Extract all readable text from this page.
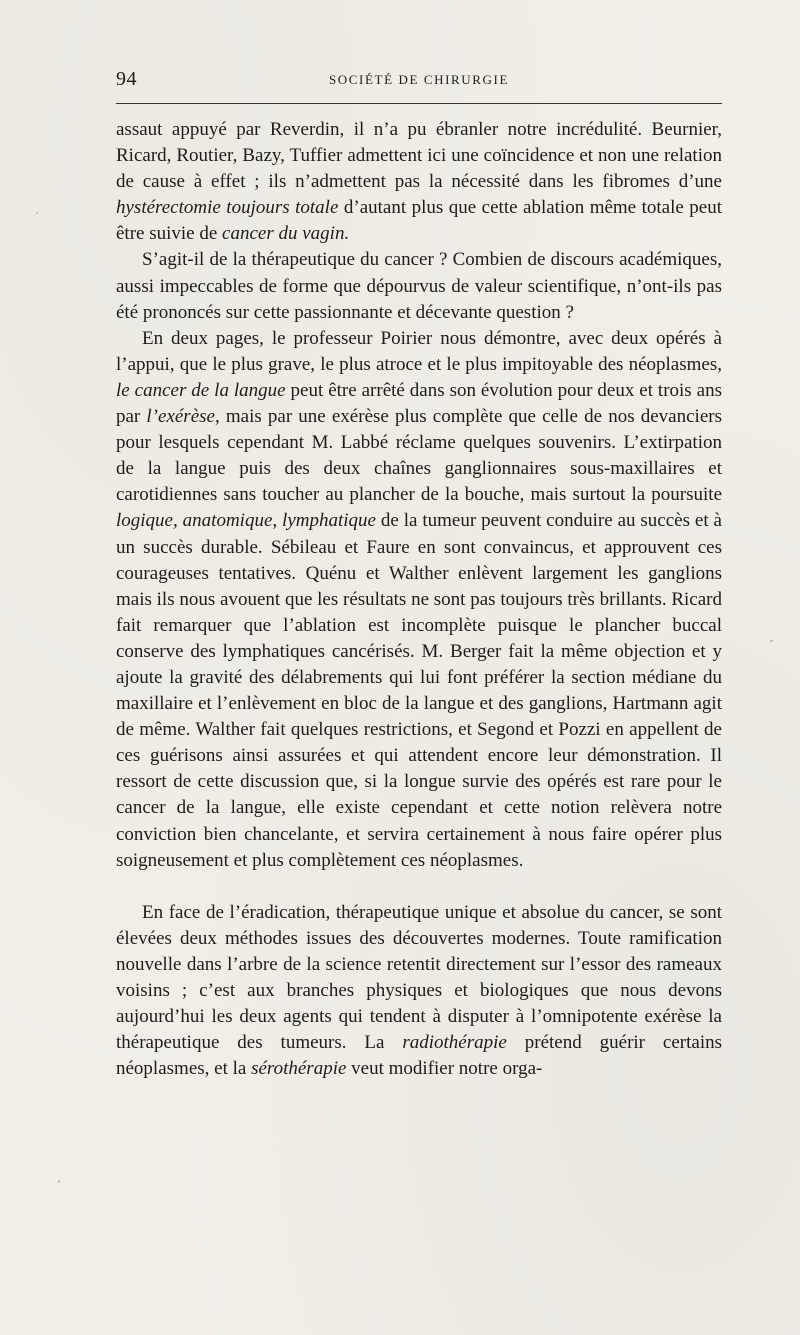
94	SOCIÉTÉ DE CHIRURGIE

assaut appuyé par Reverdin, il n’a pu ébranler notre incrédulité. Beurnier, Ricard, Routier, Bazy, Tuffier admettent ici une coïncidence et non une relation de cause à effet ; ils n’admettent pas la nécessité dans les fibromes d’une hystérectomie toujours totale d’autant plus que cette ablation même totale peut être suivie de cancer du vagin.

S’agit-il de la thérapeutique du cancer ? Combien de discours académiques, aussi impeccables de forme que dépourvus de valeur scientifique, n’ont-ils pas été prononcés sur cette passionnante et décevante question ?

En deux pages, le professeur Poirier nous démontre, avec deux opérés à l’appui, que le plus grave, le plus atroce et le plus impitoyable des néoplasmes, le cancer de la langue peut être arrêté dans son évolution pour deux et trois ans par l’exérèse, mais par une exérèse plus complète que celle de nos devanciers pour lesquels cependant M. Labbé réclame quelques souvenirs. L’extirpation de la langue puis des deux chaînes ganglionnaires sous-maxillaires et carotidiennes sans toucher au plancher de la bouche, mais surtout la poursuite logique, anatomique, lymphatique de la tumeur peuvent conduire au succès et à un succès durable. Sébileau et Faure en sont convaincus, et approuvent ces courageuses tentatives. Quénu et Walther enlèvent largement les ganglions mais ils nous avouent que les résultats ne sont pas toujours très brillants. Ricard fait remarquer que l’ablation est incomplète puisque le plancher buccal conserve des lymphatiques cancérisés. M. Berger fait la même objection et y ajoute la gravité des délabrements qui lui font préférer la section médiane du maxillaire et l’enlèvement en bloc de la langue et des ganglions, Hartmann agit de même. Walther fait quelques restrictions, et Segond et Pozzi en appellent de ces guérisons ainsi assurées et qui attendent encore leur démonstration. Il ressort de cette discussion que, si la longue survie des opérés est rare pour le cancer de la langue, elle existe cependant et cette notion relèvera notre conviction bien chancelante, et servira certainement à nous faire opérer plus soigneusement et plus complètement ces néoplasmes.

En face de l’éradication, thérapeutique unique et absolue du cancer, se sont élevées deux méthodes issues des découvertes modernes. Toute ramification nouvelle dans l’arbre de la science retentit directement sur l’essor des rameaux voisins ; c’est aux branches physiques et biologiques que nous devons aujourd’hui les deux agents qui tendent à disputer à l’omnipotente exérèse la thérapeutique des tumeurs. La radiothérapie prétend guérir certains néoplasmes, et la sérothérapie veut modifier notre orga-
